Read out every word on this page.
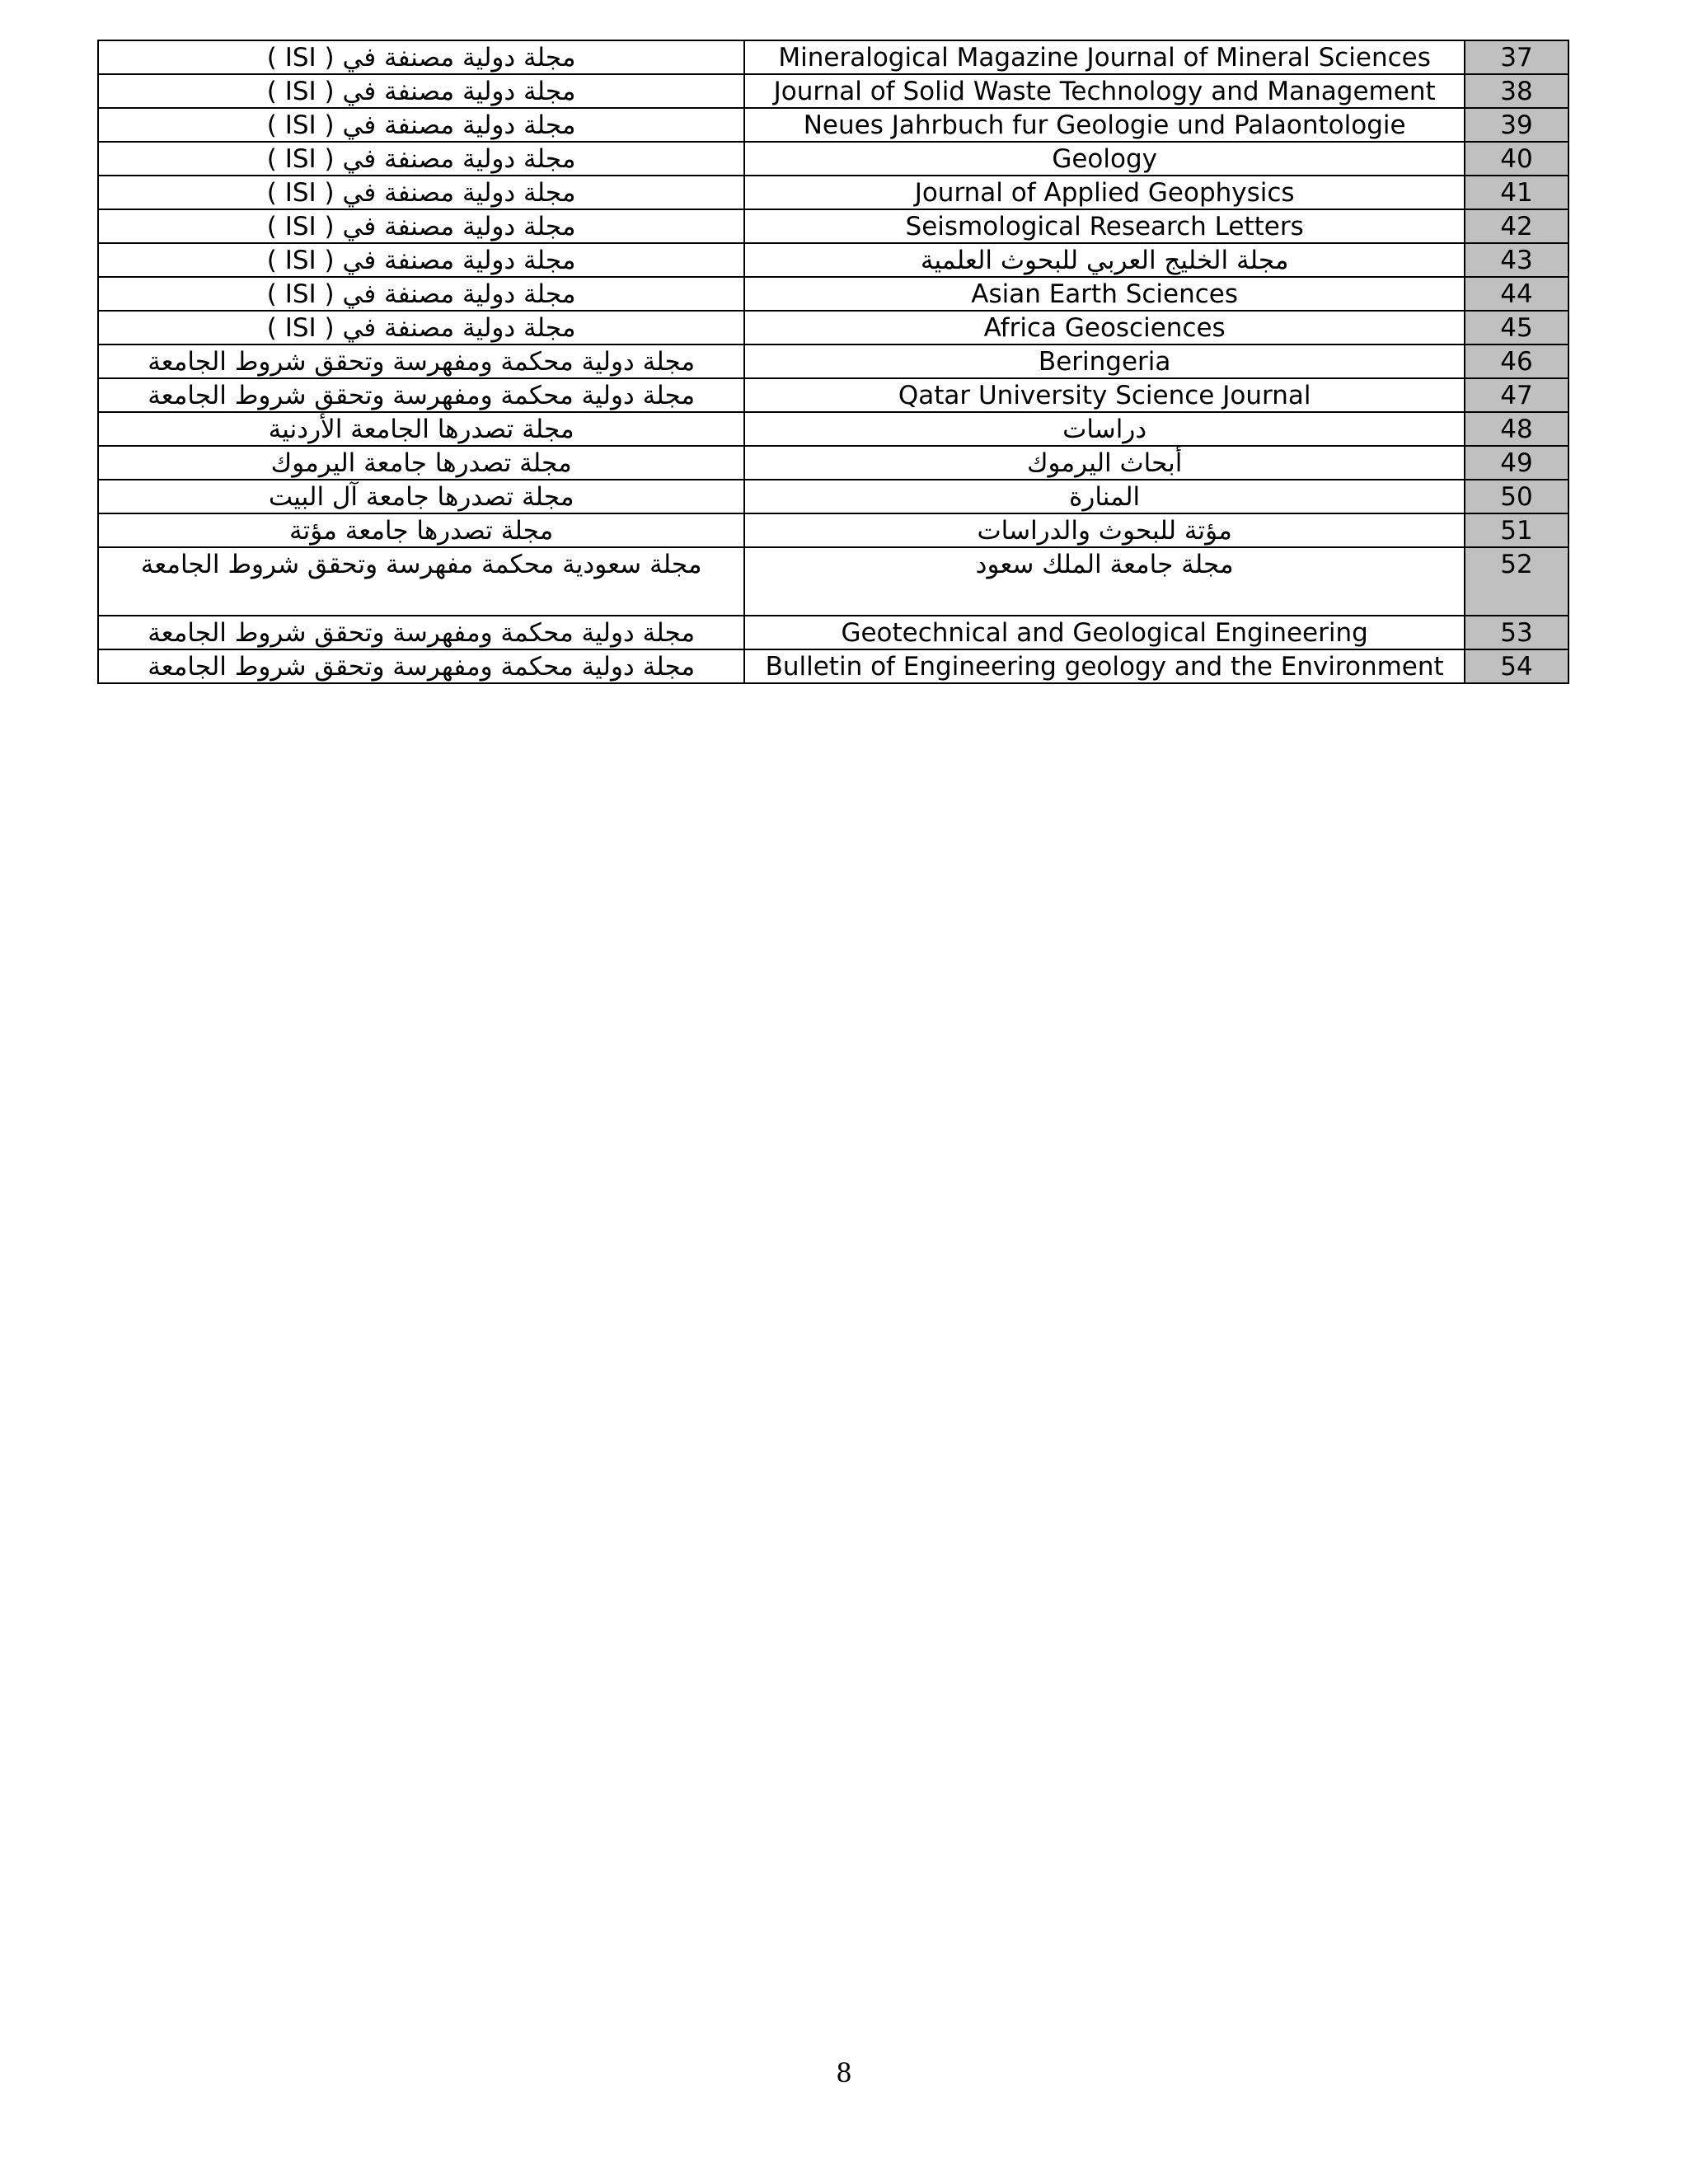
مجلة دولية مصنفة في ( ISI )	Mineralogical Magazine Journal of Mineral Sciences	37
مجلة دولية مصنفة في ( ISI )	Journal of Solid Waste Technology and Management	38
مجلة دولية مصنفة في ( ISI )	Neues Jahrbuch fur Geologie und Palaontologie	39
مجلة دولية مصنفة في ( ISI )	Geology	40
مجلة دولية مصنفة في ( ISI )	Journal of Applied Geophysics	41
مجلة دولية مصنفة في ( ISI )	Seismological Research Letters	42
مجلة دولية مصنفة في ( ISI )	مجلة الخليج العربي للبحوث العلمية	43
مجلة دولية مصنفة في ( ISI )	Asian Earth Sciences	44
مجلة دولية مصنفة في ( ISI )	Africa Geosciences	45
مجلة دولية محكمة ومفهرسة وتحقق شروط الجامعة	Beringeria	46
مجلة دولية محكمة ومفهرسة وتحقق شروط الجامعة	Qatar University Science Journal	47
مجلة تصدرها الجامعة الأردنية	دراسات	48
مجلة تصدرها جامعة اليرموك	أبحاث اليرموك	49
مجلة تصدرها جامعة آل البيت	المنارة	50
مجلة تصدرها جامعة مؤتة	مؤتة للبحوث والدراسات	51
مجلة سعودية محكمة مفهرسة وتحقق شروط الجامعة	مجلة جامعة الملك سعود	52
مجلة دولية محكمة ومفهرسة وتحقق شروط الجامعة	Geotechnical and Geological Engineering	53
مجلة دولية محكمة ومفهرسة وتحقق شروط الجامعة	Bulletin of Engineering geology and the Environment	54
8
